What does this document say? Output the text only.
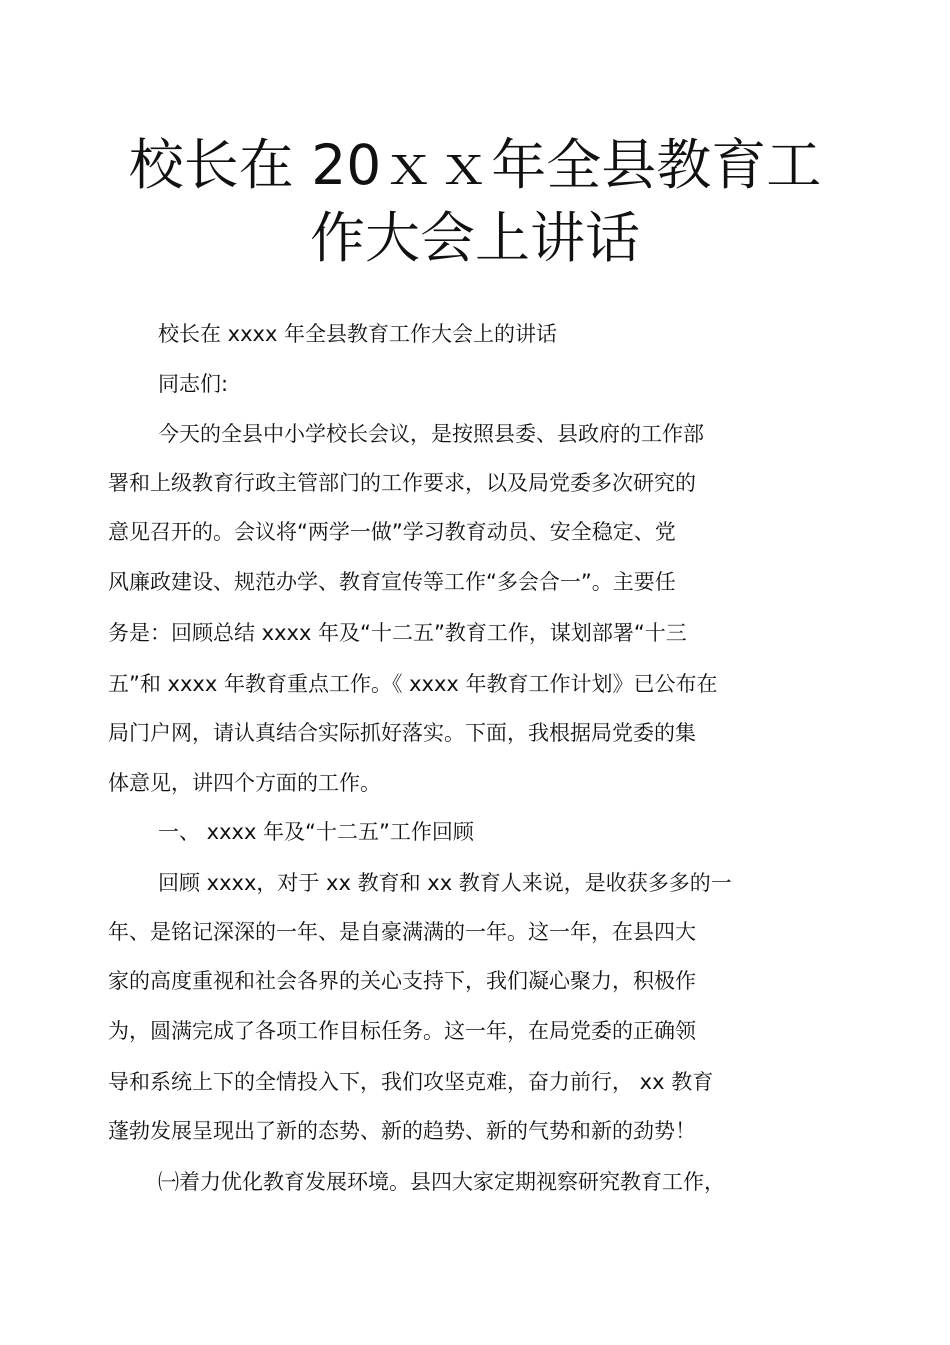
校长在 20ｘｘ年全县教育工
作大会上讲话
校长在 xxxx 年全县教育工作大会上的讲话
同志们:
今天的全县中小学校长会议，是按照县委、县政府的工作部
署和上级教育行政主管部门的工作要求，以及局党委多次研究的
意见召开的。会议将“两学一做”学习教育动员、安全稳定、党
风廉政建设、规范办学、教育宣传等工作“多会合一”。主要任
务是：回顾总结 xxxx 年及“十二五”教育工作，谋划部署“十三
五”和 xxxx 年教育重点工作。《 xxxx 年教育工作计划》已公布在
局门户网，请认真结合实际抓好落实。下面，我根据局党委的集
体意见，讲四个方面的工作。
一、 xxxx 年及“十二五”工作回顾
回顾 xxxx，对于 xx 教育和 xx 教育人来说，是收获多多的一
年、是铭记深深的一年、是自豪满满的一年。这一年，在县四大
家的高度重视和社会各界的关心支持下，我们凝心聚力，积极作
为，圆满完成了各项工作目标任务。这一年，在局党委的正确领
导和系统上下的全情投入下，我们攻坚克难，奋力前行， xx 教育
蓬勃发展呈现出了新的态势、新的趋势、新的气势和新的劲势！
㈠着力优化教育发展环境。县四大家定期视察研究教育工作，
